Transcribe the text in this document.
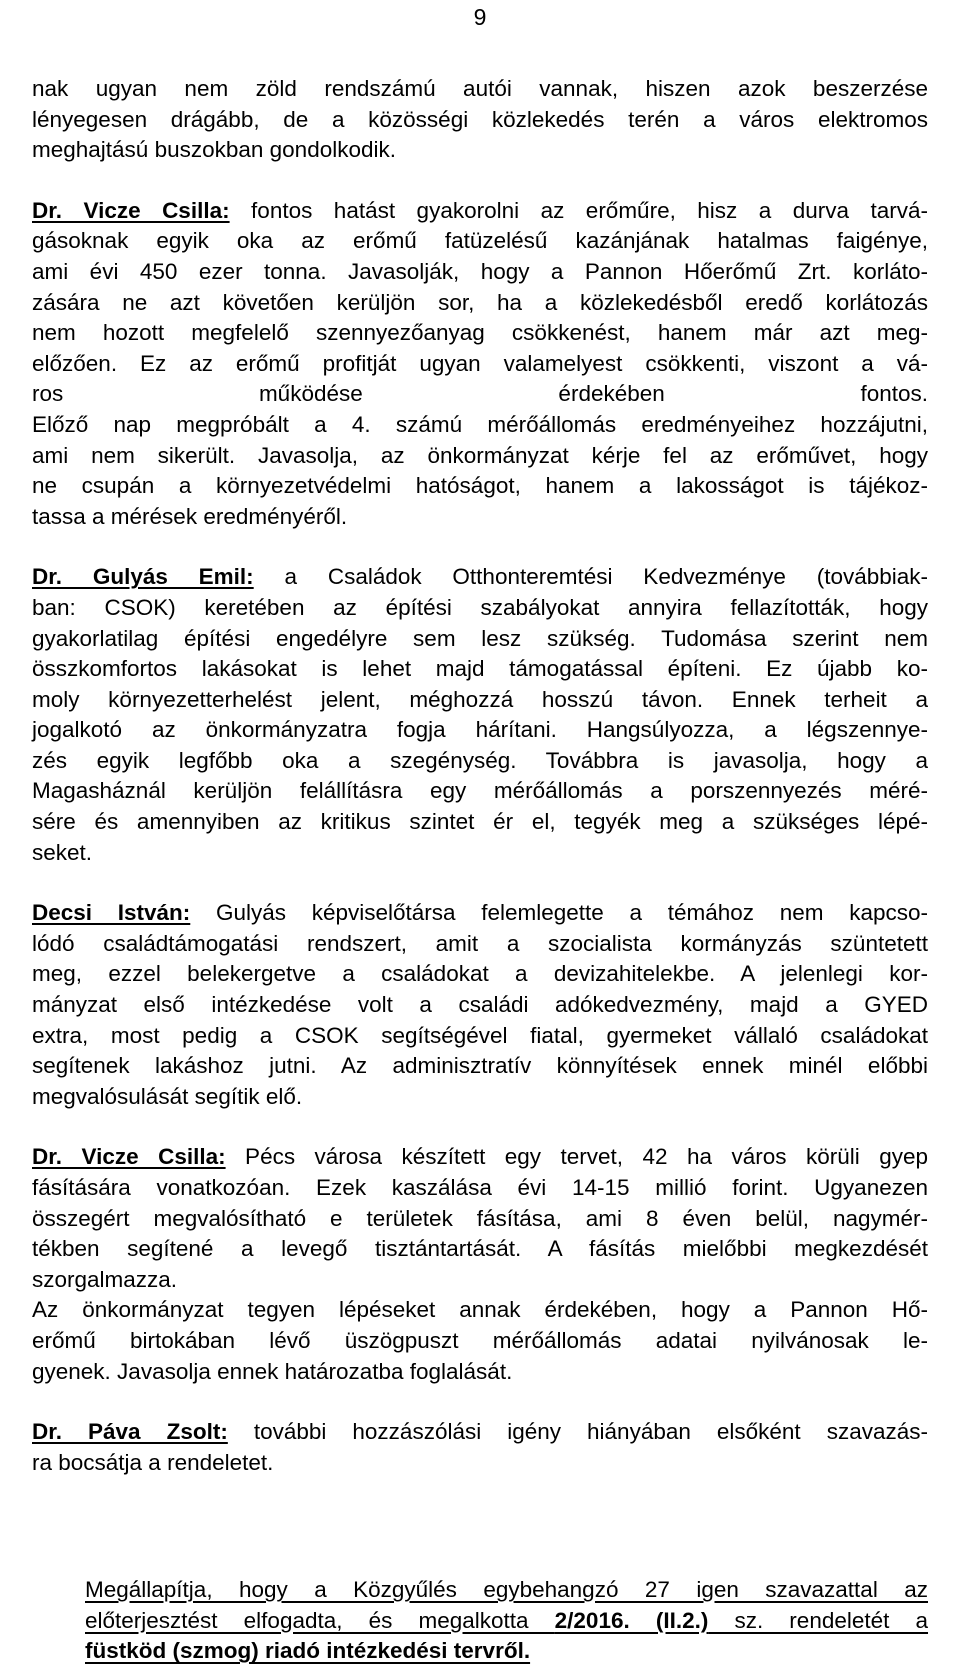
9
nak ugyan nem zöld rendszámú autói vannak, hiszen azok beszerzése
lényegesen drágább, de a közösségi közlekedés terén a város elektromos
meghajtású buszokban gondolkodik.
Dr. Vicze Csilla: fontos hatást gyakorolni az erőműre, hisz a durva tarvá-
gásoknak egyik oka az erőmű fatüzelésű kazánjának hatalmas faigénye,
ami évi 450 ezer tonna. Javasolják, hogy a Pannon Hőerőmű Zrt. korláto-
zására ne azt követően kerüljön sor, ha a közlekedésből eredő korlátozás
nem hozott megfelelő szennyezőanyag csökkenést, hanem már azt meg-
előzően. Ez az erőmű profitját ugyan valamelyest csökkenti, viszont a vá-
ros működése érdekében fontos.
Előző nap megpróbált a 4. számú mérőállomás eredményeihez hozzájutni,
ami nem sikerült. Javasolja, az önkormányzat kérje fel az erőművet, hogy
ne csupán a környezetvédelmi hatóságot, hanem a lakosságot is tájékoz-
tassa a mérések eredményéről.
Dr. Gulyás Emil: a Családok Otthonteremtési Kedvezménye (továbbiak-
ban: CSOK) keretében az építési szabályokat annyira fellazították, hogy
gyakorlatilag építési engedélyre sem lesz szükség. Tudomása szerint nem
összkomfortos lakásokat is lehet majd támogatással építeni. Ez újabb ko-
moly környezetterhelést jelent, méghozzá hosszú távon. Ennek terheit a
jogalkotó az önkormányzatra fogja hárítani. Hangsúlyozza, a légszennye-
zés egyik legfőbb oka a szegénység. Továbbra is javasolja, hogy a
Magasháznál kerüljön felállításra egy mérőállomás a porszennyezés méré-
sére és amennyiben az kritikus szintet ér el, tegyék meg a szükséges lépé-
seket.
Decsi István: Gulyás képviselőtársa felemlegette a témához nem kapcso-
lódó családtámogatási rendszert, amit a szocialista kormányzás szüntetett
meg, ezzel belekergetve a családokat a devizahitelekbe. A jelenlegi kor-
mányzat első intézkedése volt a családi adókedvezmény, majd a GYED
extra, most pedig a CSOK segítségével fiatal, gyermeket vállaló családokat
segítenek lakáshoz jutni. Az adminisztratív könnyítések ennek minél előbbi
megvalósulását segítik elő.
Dr. Vicze Csilla: Pécs városa készített egy tervet, 42 ha város körüli gyep
fásítására vonatkozóan. Ezek kaszálása évi 14-15 millió forint. Ugyanezen
összegért megvalósítható e területek fásítása, ami 8 éven belül, nagymér-
tékben segítené a levegő tisztántartását. A fásítás mielőbbi megkezdését
szorgalmazza.
Az önkormányzat tegyen lépéseket annak érdekében, hogy a Pannon Hő-
erőmű birtokában lévő üszögpuszt mérőállomás adatai nyilvánosak le-
gyenek. Javasolja ennek határozatba foglalását.
Dr. Páva Zsolt: további hozzászólási igény hiányában elsőként szavazás-
ra bocsátja a rendeletet.
Megállapítja, hogy a Közgyűlés egybehangzó 27 igen szavazattal az
előterjesztést elfogadta, és megalkotta 2/2016. (II.2.) sz. rendeletét a
füstköd (szmog) riadó intézkedési tervről.
